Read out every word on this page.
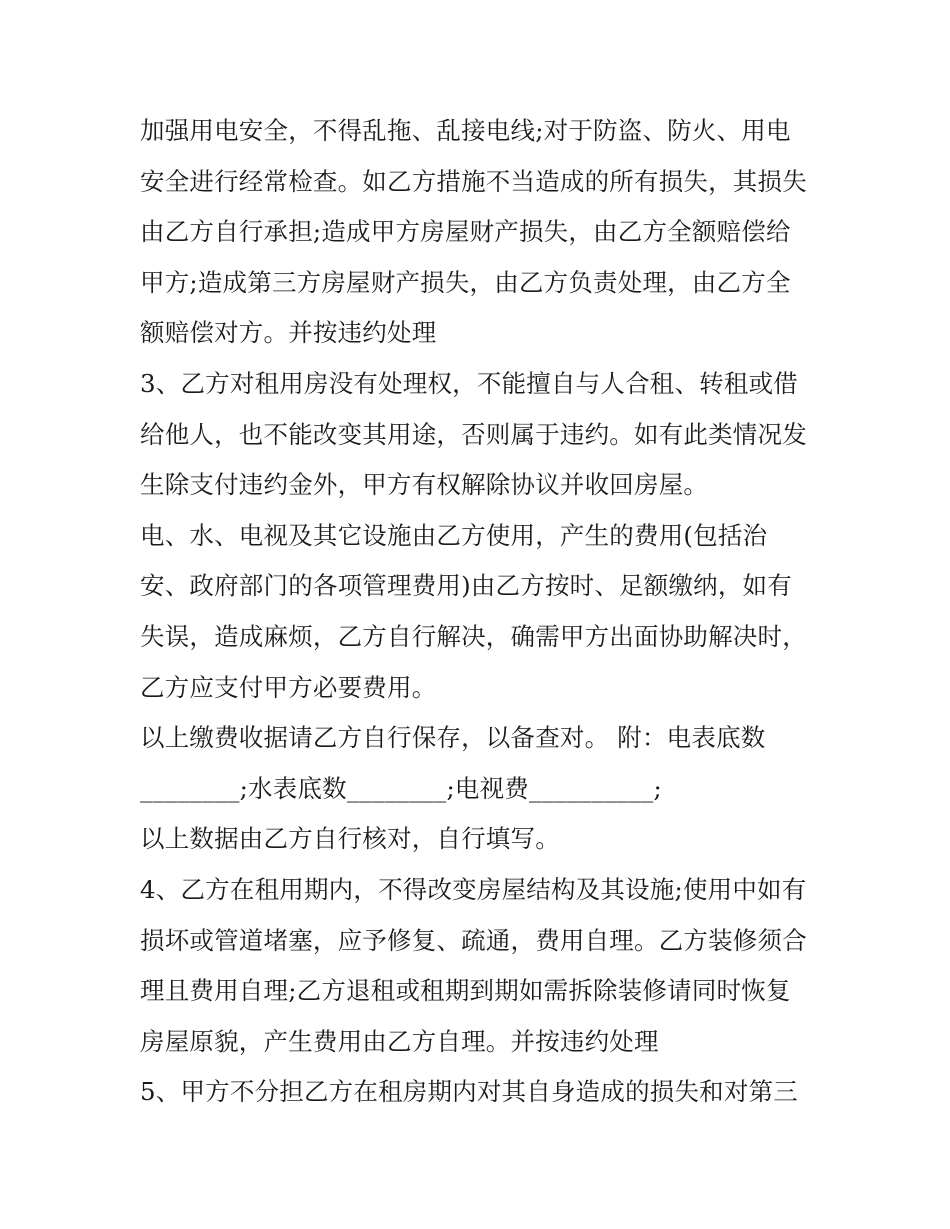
加强用电安全，不得乱拖、乱接电线;对于防盗、防火、用电
安全进行经常检查。如乙方措施不当造成的所有损失，其损失
由乙方自行承担;造成甲方房屋财产损失，由乙方全额赔偿给
甲方;造成第三方房屋财产损失，由乙方负责处理，由乙方全
额赔偿对方。并按违约处理
3、乙方对租用房没有处理权，不能擅自与人合租、转租或借
给他人，也不能改变其用途，否则属于违约。如有此类情况发
生除支付违约金外，甲方有权解除协议并收回房屋。
电、水、电视及其它设施由乙方使用，产生的费用(包括治
安、政府部门的各项管理费用)由乙方按时、足额缴纳，如有
失误，造成麻烦，乙方自行解决，确需甲方出面协助解决时，
乙方应支付甲方必要费用。
以上缴费收据请乙方自行保存，以备查对。 附：电表底数
________;水表底数________;电视费__________;
以上数据由乙方自行核对，自行填写。
4、乙方在租用期内，不得改变房屋结构及其设施;使用中如有
损坏或管道堵塞，应予修复、疏通，费用自理。乙方装修须合
理且费用自理;乙方退租或租期到期如需拆除装修请同时恢复
房屋原貌，产生费用由乙方自理。并按违约处理
5、甲方不分担乙方在租房期内对其自身造成的损失和对第三
